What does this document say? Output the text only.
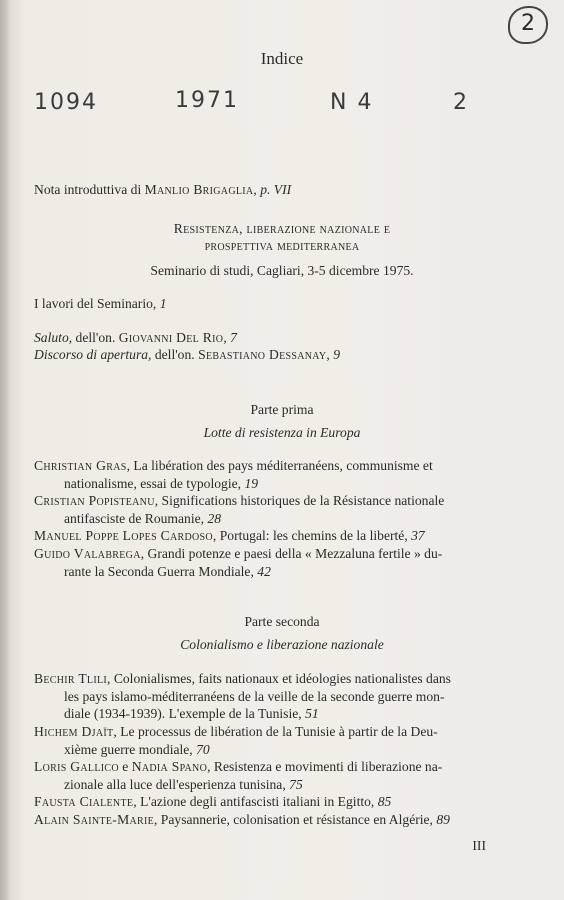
2
Indice
1094	1971	N 4	2
Nota introduttiva di Manlio Brigaglia, p. VII
Resistenza, liberazione nazionale e
prospettiva mediterranea
Seminario di studi, Cagliari, 3-5 dicembre 1975.
I lavori del Seminario, 1
Saluto, dell'on. Giovanni Del Rio, 7
Discorso di apertura, dell'on. Sebastiano Dessanay, 9
Parte prima
Lotte di resistenza in Europa
Christian Gras, La libération des pays méditerranéens, communisme et
nationalisme, essai de typologie, 19
Cristian Popisteanu, Significations historiques de la Résistance nationale
antifasciste de Roumanie, 28
Manuel Poppe Lopes Cardoso, Portugal: les chemins de la liberté, 37
Guido Valabrega, Grandi potenze e paesi della « Mezzaluna fertile » du-
rante la Seconda Guerra Mondiale, 42
Parte seconda
Colonialismo e liberazione nazionale
Bechir Tlili, Colonialismes, faits nationaux et idéologies nationalistes dans
les pays islamo-méditerranéens de la veille de la seconde guerre mon-
diale (1934-1939). L'exemple de la Tunisie, 51
Hichem Djaït, Le processus de libération de la Tunisie à partir de la Deu-
xième guerre mondiale, 70
Loris Gallico e Nadia Spano, Resistenza e movimenti di liberazione na-
zionale alla luce dell'esperienza tunisina, 75
Fausta Cialente, L'azione degli antifascisti italiani in Egitto, 85
Alain Sainte-Marie, Paysannerie, colonisation et résistance en Algérie, 89
III
